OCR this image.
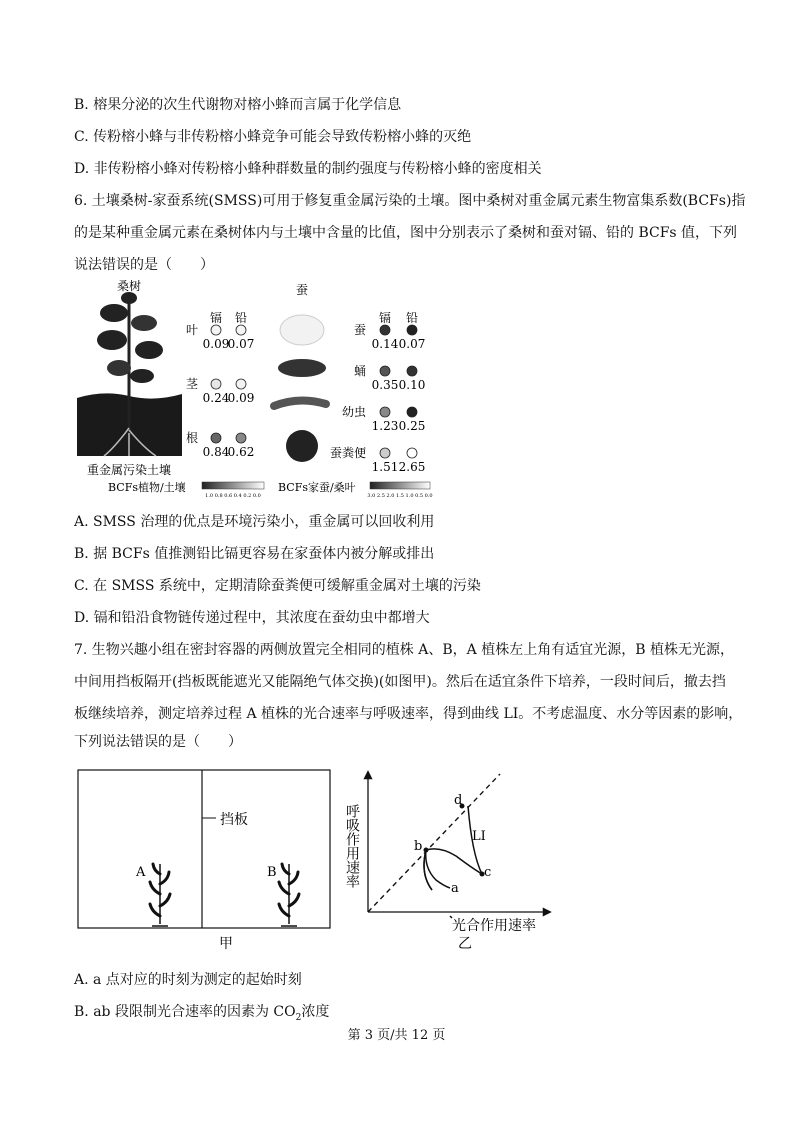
B. 榕果分泌的次生代谢物对榕小蜂而言属于化学信息
C. 传粉榕小蜂与非传粉榕小蜂竞争可能会导致传粉榕小蜂的灭绝
D. 非传粉榕小蜂对传粉榕小蜂种群数量的制约强度与传粉榕小蜂的密度相关
6. 土壤桑树-家蚕系统(SMSS)可用于修复重金属污染的土壤。图中桑树对重金属元素生物富集系数(BCFs)指
的是某种重金属元素在桑树体内与土壤中含量的比值，图中分别表示了桑树和蚕对镉、铅的 BCFs 值，下列
说法错误的是（　　）
桑树
重金属污染土壤
镉 铅
叶
0.09
0.07
茎
0.24
0.09
根
0.84
0.62
蚕
镉 铅
蚕
0.14 0.07
蛹
0.35 0.10
幼虫
1.23 0.25
蚕粪便
1.51 2.65
BCFs植物/土壤
1.0 0.8 0.6 0.4 0.2 0.0
BCFs家蚕/桑叶
3.0 2.5 2.0 1.5 1.0 0.5 0.0
A. SMSS 治理的优点是环境污染小，重金属可以回收利用
B. 据 BCFs 值推测铅比镉更容易在家蚕体内被分解或排出
C. 在 SMSS 系统中，定期清除蚕粪便可缓解重金属对土壤的污染
D. 镉和铅沿食物链传递过程中，其浓度在蚕幼虫中都增大
7. 生物兴趣小组在密封容器的两侧放置完全相同的植株 A、B，A 植株左上角有适宜光源，B 植株无光源，
中间用挡板隔开(挡板既能遮光又能隔绝气体交换)(如图甲)。然后在适宜条件下培养，一段时间后，撤去挡
板继续培养，测定培养过程 A 植株的光合速率与呼吸速率，得到曲线 LI。不考虑温度、水分等因素的影响，
下列说法错误的是（　　）
挡板
A	B
甲
a
b
c
d
LI
呼吸作用速率
光合作用速率
乙
A. a 点对应的时刻为测定的起始时刻
B. ab 段限制光合速率的因素为 $CO_2$浓度
第 3 页/共 12 页
